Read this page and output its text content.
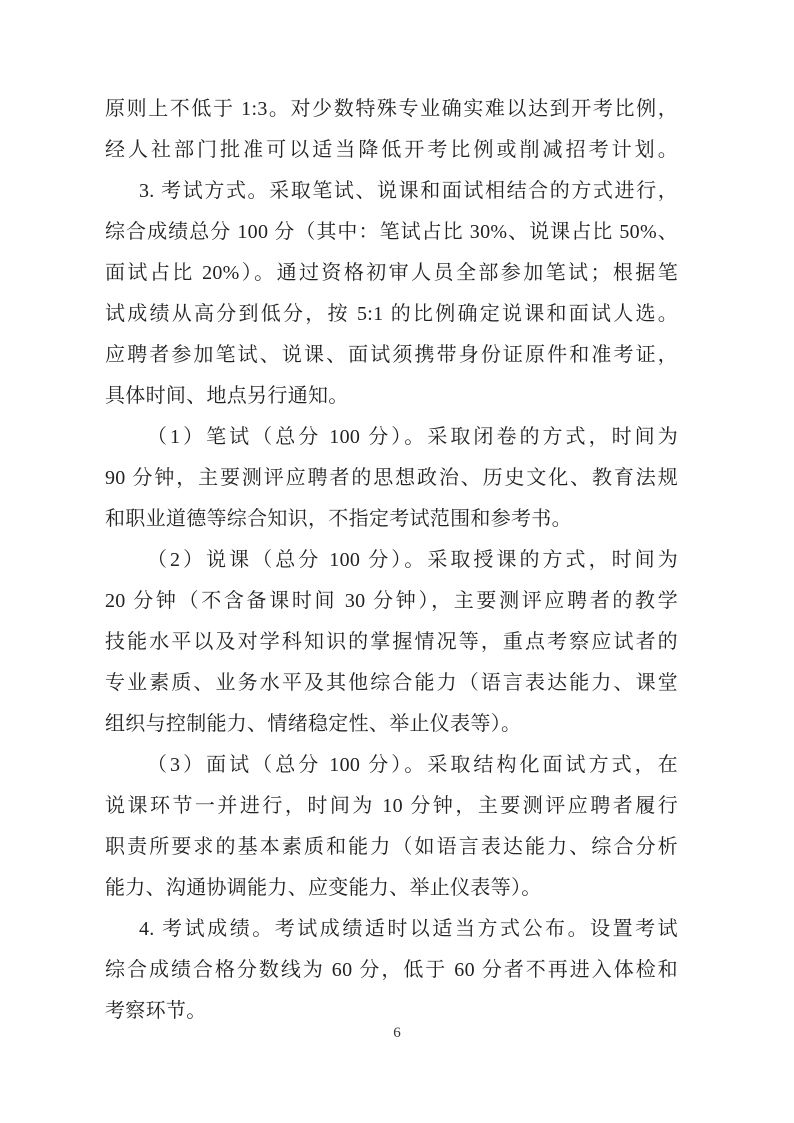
原则上不低于 1:3。对少数特殊专业确实难以达到开考比例，
经人社部门批准可以适当降低开考比例或削减招考计划。
3. 考试方式。采取笔试、说课和面试相结合的方式进行，
综合成绩总分 100 分（其中：笔试占比 30%、说课占比 50%、
面试占比 20%）。通过资格初审人员全部参加笔试；根据笔
试成绩从高分到低分，按 5:1 的比例确定说课和面试人选。
应聘者参加笔试、说课、面试须携带身份证原件和准考证，
具体时间、地点另行通知。
（1）笔试（总分 100 分）。采取闭卷的方式，时间为
90 分钟，主要测评应聘者的思想政治、历史文化、教育法规
和职业道德等综合知识，不指定考试范围和参考书。
（2）说课（总分 100 分）。采取授课的方式，时间为
20 分钟（不含备课时间 30 分钟），主要测评应聘者的教学
技能水平以及对学科知识的掌握情况等，重点考察应试者的
专业素质、业务水平及其他综合能力（语言表达能力、课堂
组织与控制能力、情绪稳定性、举止仪表等）。
（3）面试（总分 100 分）。采取结构化面试方式，在
说课环节一并进行，时间为 10 分钟，主要测评应聘者履行
职责所要求的基本素质和能力（如语言表达能力、综合分析
能力、沟通协调能力、应变能力、举止仪表等）。
4. 考试成绩。考试成绩适时以适当方式公布。设置考试
综合成绩合格分数线为 60 分，低于 60 分者不再进入体检和
考察环节。
6
